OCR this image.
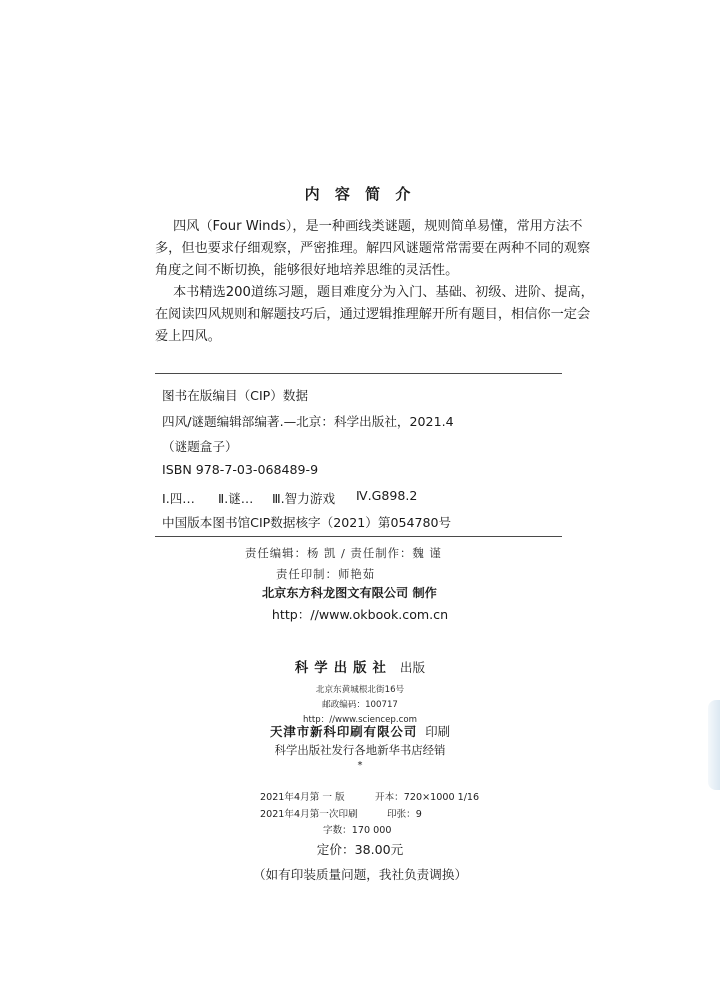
内 容 简 介
四风（Four Winds），是一种画线类谜题，规则简单易懂，常用方法不
多，但也要求仔细观察，严密推理。解四风谜题常常需要在两种不同的观察
角度之间不断切换，能够很好地培养思维的灵活性。
本书精选200道练习题，题目难度分为入门、基础、初级、进阶、提高，
在阅读四风规则和解题技巧后，通过逻辑推理解开所有题目，相信你一定会
爱上四风。
图书在版编目（CIP）数据
四风/谜题编辑部编著.—北京：科学出版社，2021.4
（谜题盒子）
ISBN 978-7-03-068489-9
Ⅰ.四… Ⅱ.谜… Ⅲ.智力游戏 Ⅳ.G898.2
中国版本图书馆CIP数据核字（2021）第054780号
责任编辑：杨 凯 / 责任制作：魏 谨
责任印制：师艳茹
北京东方科龙图文有限公司 制作
http：//www.okbook.com.cn
科学出版社 出版
北京东黄城根北街16号
邮政编码：100717
http：//www.sciencep.com
天津市新科印刷有限公司 印刷
科学出版社发行各地新华书店经销
*
2021年4月第 一 版
2021年4月第一次印刷
开本：720×1000 1/16
印张：9
字数：170 000
定价：38.00元
（如有印装质量问题，我社负责调换）
